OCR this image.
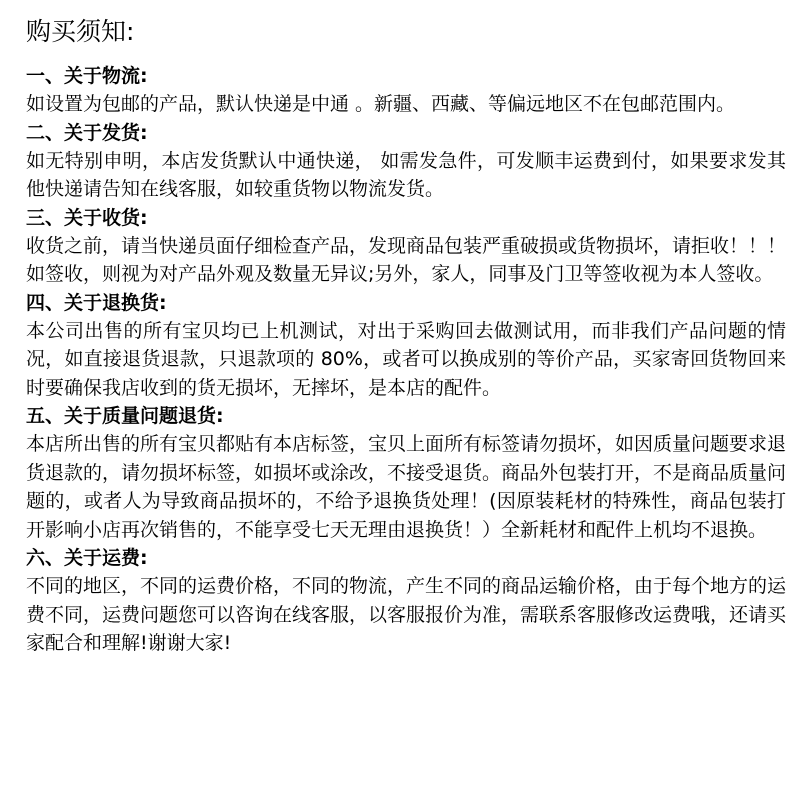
购买须知:

一、关于物流:

如设置为包邮的产品，默认快递是中通 。新疆、西藏、等偏远地区不在包邮范围内。

二、关于发货:

如无特别申明，本店发货默认中通快递， 如需发急件，可发顺丰运费到付，如果要求发其他快递请告知在线客服，如较重货物以物流发货。

三、关于收货:

收货之前，请当快递员面仔细检查产品，发现商品包装严重破损或货物损坏，请拒收！！！ 如签收，则视为对产品外观及数量无异议;另外，家人，同事及门卫等签收视为本人签收。

四、关于退换货:

本公司出售的所有宝贝均已上机测试，对出于采购回去做测试用，而非我们产品问题的情况，如直接退货退款，只退款项的 80%，或者可以换成别的等价产品，买家寄回货物回来时要确保我店收到的货无损坏，无摔坏，是本店的配件。

五、关于质量问题退货:

本店所出售的所有宝贝都贴有本店标签，宝贝上面所有标签请勿损坏，如因质量问题要求退货退款的，请勿损坏标签，如损坏或涂改，不接受退货。商品外包装打开，不是商品质量问题的，或者人为导致商品损坏的，不给予退换货处理！(因原装耗材的特殊性，商品包装打开影响小店再次销售的，不能享受七天无理由退换货！）全新耗材和配件上机均不退换。

六、关于运费:

不同的地区，不同的运费价格，不同的物流，产生不同的商品运输价格，由于每个地方的运费不同，运费问题您可以咨询在线客服，以客服报价为准，需联系客服修改运费哦，还请买家配合和理解!谢谢大家!
